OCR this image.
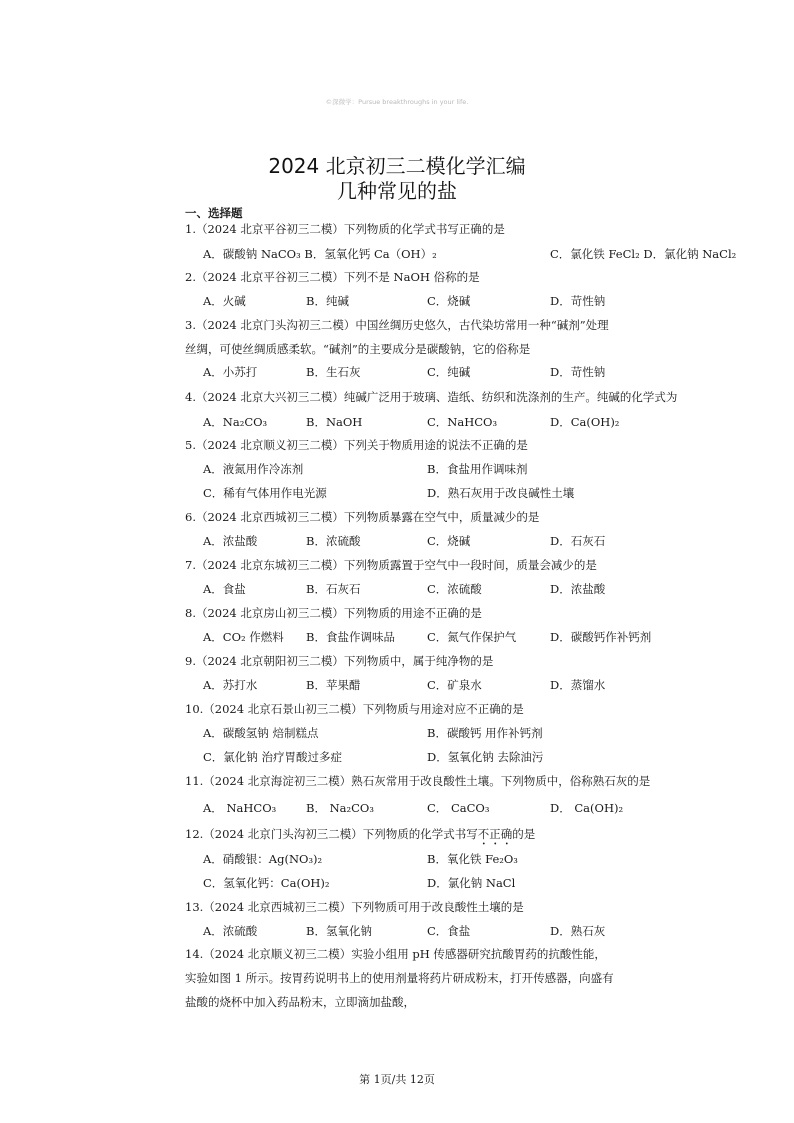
©深微学：Pursue breakthroughs in your life.
2024 北京初三二模化学汇编
几种常见的盐
一、选择题
1.（2024 北京平谷初三二模）下列物质的化学式书写正确的是
A．碳酸钠 NaCO₃ B．氢氧化钙 Ca（OH）₂	C．氯化铁 FeCl₂ D．氯化钠 NaCl₂
2.（2024 北京平谷初三二模）下列不是 NaOH 俗称的是
A．火碱	B．纯碱	C．烧碱	D．苛性钠
3.（2024 北京门头沟初三二模）中国丝绸历史悠久，古代染坊常用一种“碱剂”处理丝绸，可使丝绸质感柔软。“碱剂”的主要成分是碳酸钠，它的俗称是
A．小苏打	B．生石灰	C．纯碱	D．苛性钠
4.（2024 北京大兴初三二模）纯碱广泛用于玻璃、造纸、纺织和洗涤剂的生产。纯碱的化学式为
A．Na₂CO₃	B．NaOH	C．NaHCO₃	D．Ca(OH)₂
5.（2024 北京顺义初三二模）下列关于物质用途的说法不正确的是
A．液氮用作冷冻剂	B．食盐用作调味剂
C．稀有气体用作电光源	D．熟石灰用于改良碱性土壤
6.（2024 北京西城初三二模）下列物质暴露在空气中，质量减少的是
A．浓盐酸	B．浓硫酸	C．烧碱	D．石灰石
7.（2024 北京东城初三二模）下列物质露置于空气中一段时间，质量会减少的是
A．食盐	B．石灰石	C．浓硫酸	D．浓盐酸
8.（2024 北京房山初三二模）下列物质的用途不正确的是
A．CO₂ 作燃料 B．食盐作调味品	C．氮气作保护气	D．碳酸钙作补钙剂
9.（2024 北京朝阳初三二模）下列物质中，属于纯净物的是
A．苏打水	B．苹果醋	C．矿泉水	D．蒸馏水
10.（2024 北京石景山初三二模）下列物质与用途对应不正确的是
A．碳酸氢钠 焙制糕点	B．碳酸钙 用作补钙剂
C．氯化钠 治疗胃酸过多症	D．氢氧化钠 去除油污
11.（2024 北京海淀初三二模）熟石灰常用于改良酸性土壤。下列物质中，俗称熟石灰的是
A． NaHCO₃	B． Na₂CO₃	C． CaCO₃	D． Ca(OH)₂
12.（2024 北京门头沟初三二模）下列物质的化学式书写不正确的是
A．硝酸银：Ag(NO₃)₂	B．氧化铁 Fe₂O₃
C．氢氧化钙：Ca(OH)₂	D．氯化钠 NaCl
13.（2024 北京西城初三二模）下列物质可用于改良酸性土壤的是
A．浓硫酸	B．氢氧化钠	C．食盐	D．熟石灰
14.（2024 北京顺义初三二模）实验小组用 pH 传感器研究抗酸胃药的抗酸性能，实验如图 1 所示。按胃药说明书上的使用剂量将药片研成粉末，打开传感器，向盛有盐酸的烧杯中加入药品粉末，立即滴加盐酸，
第 1页/共 12页
